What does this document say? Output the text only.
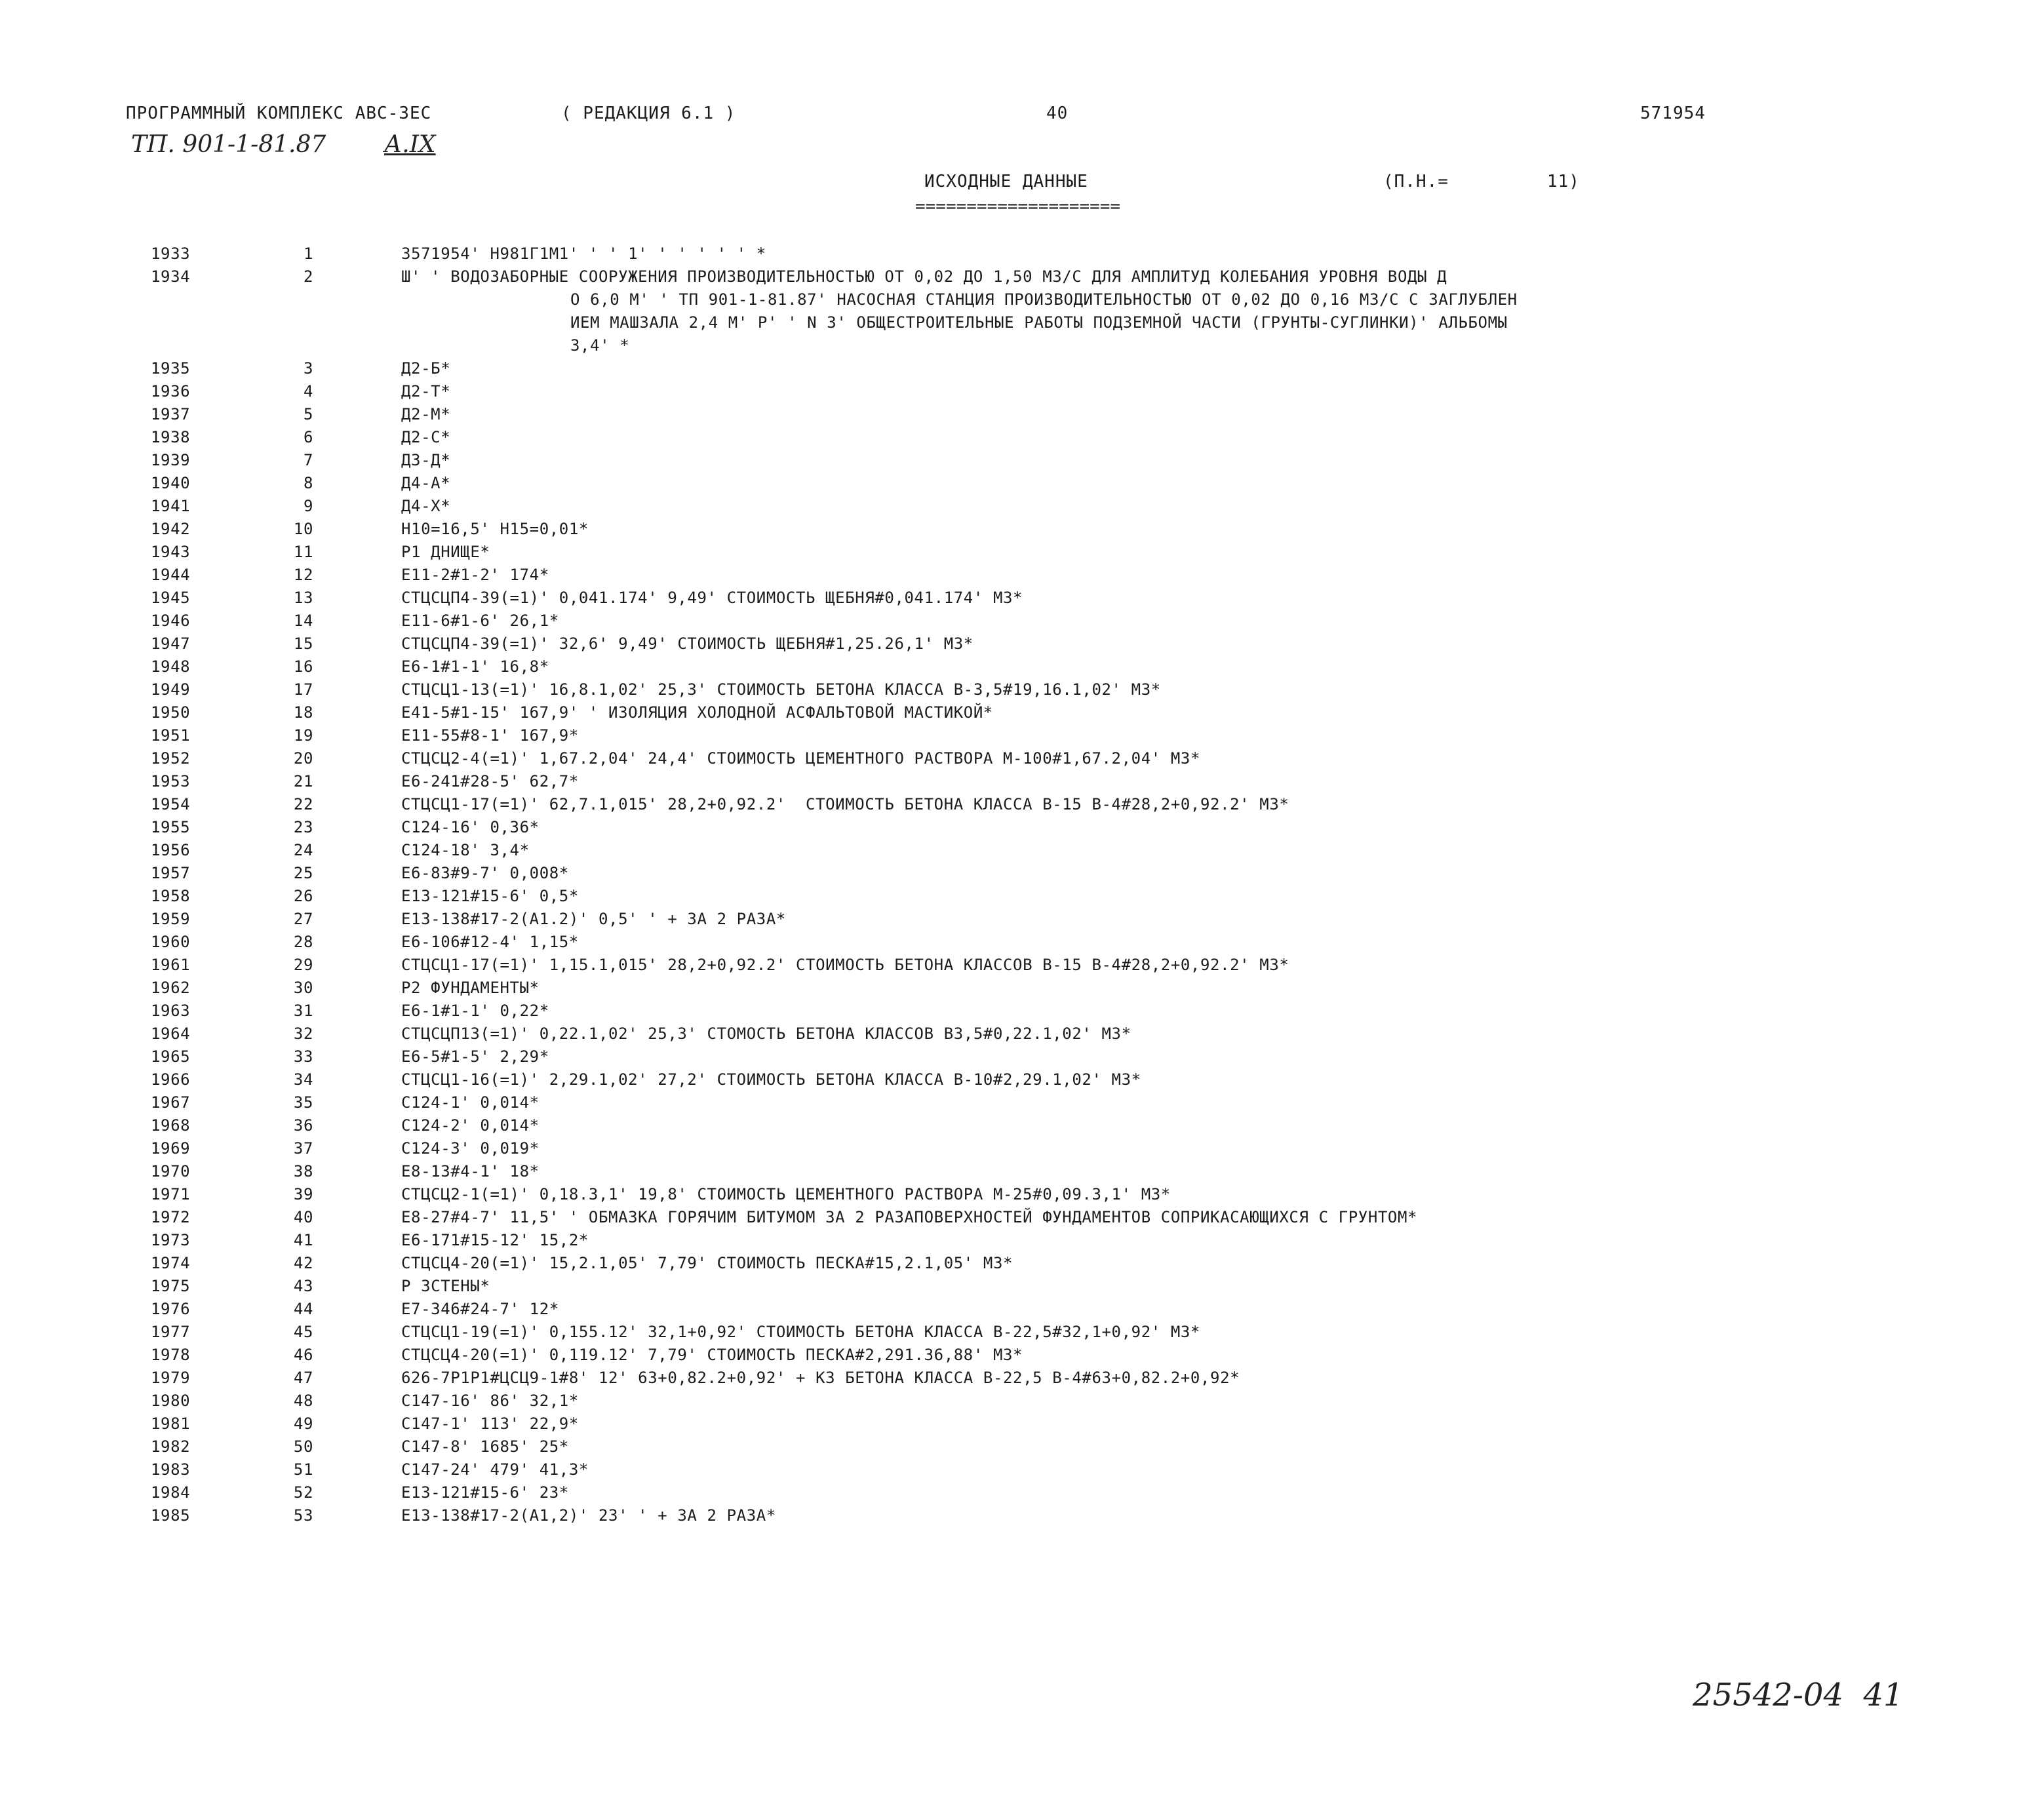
ПРОГРАММНЫЙ КОМПЛЕКС АВС-ЗЕС	( РЕДАКЦИЯ 6.1 )	40	571954
ТП. 901-1-81.87 А.IX
ИСХОДНЫЕ ДАННЫЕ
====================
(П.Н.=	11)
1933	1	3571954' Н981Г1М1' ' ' 1' ' ' ' ' ' *
1934	2	Ш' ' ВОДОЗАБОРНЫЕ СООРУЖЕНИЯ ПРОИЗВОДИТЕЛЬНОСТЬЮ ОТ 0,02 ДО 1,50 М3/С ДЛЯ АМПЛИТУД КОЛЕБАНИЯ УРОВНЯ ВОДЫ Д
О 6,0 М' ' ТП 901-1-81.87' НАСОСНАЯ СТАНЦИЯ ПРОИЗВОДИТЕЛЬНОСТЬЮ ОТ 0,02 ДО 0,16 М3/С С ЗАГЛУБЛЕН
ИЕМ МАШЗАЛА 2,4 М' Р' ' N 3' ОБЩЕСТРОИТЕЛЬНЫЕ РАБОТЫ ПОДЗЕМНОЙ ЧАСТИ (ГРУНТЫ-СУГЛИНКИ)' АЛЬБОМЫ
3,4' *
1935	3	Д2-Б*
1936	4	Д2-Т*
1937	5	Д2-М*
1938	6	Д2-С*
1939	7	Д3-Д*
1940	8	Д4-А*
1941	9	Д4-Х*
1942	10	Н10=16,5' Н15=0,01*
1943	11	Р1 ДНИЩЕ*
1944	12	Е11-2#1-2' 174*
1945	13	СТЦСЦП4-39(=1)' 0,041.174' 9,49' СТОИМОСТЬ ЩЕБНЯ#0,041.174' М3*
1946	14	Е11-6#1-6' 26,1*
1947	15	СТЦСЦП4-39(=1)' 32,6' 9,49' СТОИМОСТЬ ЩЕБНЯ#1,25.26,1' М3*
1948	16	Е6-1#1-1' 16,8*
1949	17	СТЦСЦ1-13(=1)' 16,8.1,02' 25,3' СТОИМОСТЬ БЕТОНА КЛАССА В-3,5#19,16.1,02' М3*
1950	18	Е41-5#1-15' 167,9' ' ИЗОЛЯЦИЯ ХОЛОДНОЙ АСФАЛЬТОВОЙ МАСТИКОЙ*
1951	19	Е11-55#8-1' 167,9*
1952	20	СТЦСЦ2-4(=1)' 1,67.2,04' 24,4' СТОИМОСТЬ ЦЕМЕНТНОГО РАСТВОРА М-100#1,67.2,04' М3*
1953	21	Е6-241#28-5' 62,7*
1954	22	СТЦСЦ1-17(=1)' 62,7.1,015' 28,2+0,92.2'  СТОИМОСТЬ БЕТОНА КЛАССА В-15 В-4#28,2+0,92.2' М3*
1955	23	С124-16' 0,36*
1956	24	С124-18' 3,4*
1957	25	Е6-83#9-7' 0,008*
1958	26	Е13-121#15-6' 0,5*
1959	27	Е13-138#17-2(А1.2)' 0,5' ' + ЗА 2 РАЗА*
1960	28	Е6-106#12-4' 1,15*
1961	29	СТЦСЦ1-17(=1)' 1,15.1,015' 28,2+0,92.2' СТОИМОСТЬ БЕТОНА КЛАССОВ В-15 В-4#28,2+0,92.2' М3*
1962	30	Р2 ФУНДАМЕНТЫ*
1963	31	Е6-1#1-1' 0,22*
1964	32	СТЦСЦП13(=1)' 0,22.1,02' 25,3' СТОМОСТЬ БЕТОНА КЛАССОВ В3,5#0,22.1,02' М3*
1965	33	Е6-5#1-5' 2,29*
1966	34	СТЦСЦ1-16(=1)' 2,29.1,02' 27,2' СТОИМОСТЬ БЕТОНА КЛАССА В-10#2,29.1,02' М3*
1967	35	С124-1' 0,014*
1968	36	С124-2' 0,014*
1969	37	С124-3' 0,019*
1970	38	Е8-13#4-1' 18*
1971	39	СТЦСЦ2-1(=1)' 0,18.3,1' 19,8' СТОИМОСТЬ ЦЕМЕНТНОГО РАСТВОРА М-25#0,09.3,1' М3*
1972	40	Е8-27#4-7' 11,5' ' ОБМАЗКА ГОРЯЧИМ БИТУМОМ ЗА 2 РАЗАПОВЕРХНОСТЕЙ ФУНДАМЕНТОВ СОПРИКАСАЮЩИХСЯ С ГРУНТОМ*
1973	41	Е6-171#15-12' 15,2*
1974	42	СТЦСЦ4-20(=1)' 15,2.1,05' 7,79' СТОИМОСТЬ ПЕСКА#15,2.1,05' М3*
1975	43	Р ЗСТЕНЫ*
1976	44	Е7-346#24-7' 12*
1977	45	СТЦСЦ1-19(=1)' 0,155.12' 32,1+0,92' СТОИМОСТЬ БЕТОНА КЛАССА В-22,5#32,1+0,92' М3*
1978	46	СТЦСЦ4-20(=1)' 0,119.12' 7,79' СТОИМОСТЬ ПЕСКА#2,291.36,88' М3*
1979	47	626-7Р1Р1#ЦСЦ9-1#8' 12' 63+0,82.2+0,92' + К3 БЕТОНА КЛАССА В-22,5 В-4#63+0,82.2+0,92*
1980	48	С147-16' 86' 32,1*
1981	49	С147-1' 113' 22,9*
1982	50	С147-8' 1685' 25*
1983	51	С147-24' 479' 41,3*
1984	52	Е13-121#15-6' 23*
1985	53	Е13-138#17-2(А1,2)' 23' ' + ЗА 2 РАЗА*
25542-04  41
